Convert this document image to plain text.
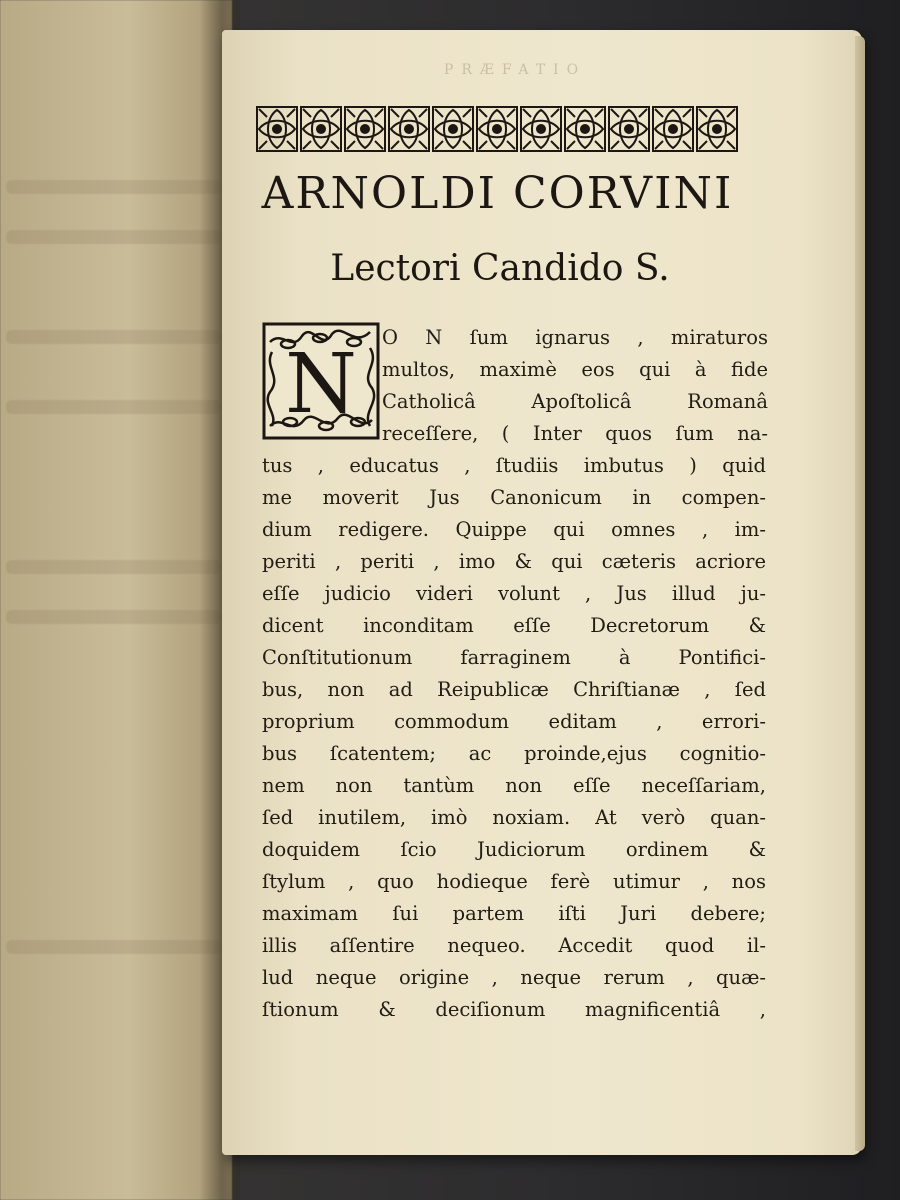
PRÆFATIO
ARNOLDI CORVINI
Lectori Candido S.
N O N ſum ignarus , miraturos
multos, maximè eos qui à fide
Catholicâ Apoſtolicâ Romanâ
receſſere, ( Inter quos ſum na-
tus , educatus , ſtudiis imbutus ) quid
me moverit Jus Canonicum in compen-
dium redigere. Quippe qui omnes , im-
periti , periti , imo & qui cæteris acriore
eſſe judicio videri volunt , Jus illud ju-
dicent inconditam eſſe Decretorum &
Conſtitutionum farraginem à Pontifici-
bus, non ad Reipublicæ Chriſtianæ , ſed
proprium commodum editam , errori-
bus ſcatentem; ac proinde,ejus cognitio-
nem non tantùm non eſſe neceſſariam,
ſed inutilem, imò noxiam. At verò quan-
doquidem ſcio Judiciorum ordinem &
ſtylum , quo hodieque ferè utimur , nos
maximam ſui partem iſti Juri debere;
illis aſſentire nequeo. Accedit quod il-
lud neque origine , neque rerum , quæ-
ſtionum & deciſionum magnificentiâ ,
